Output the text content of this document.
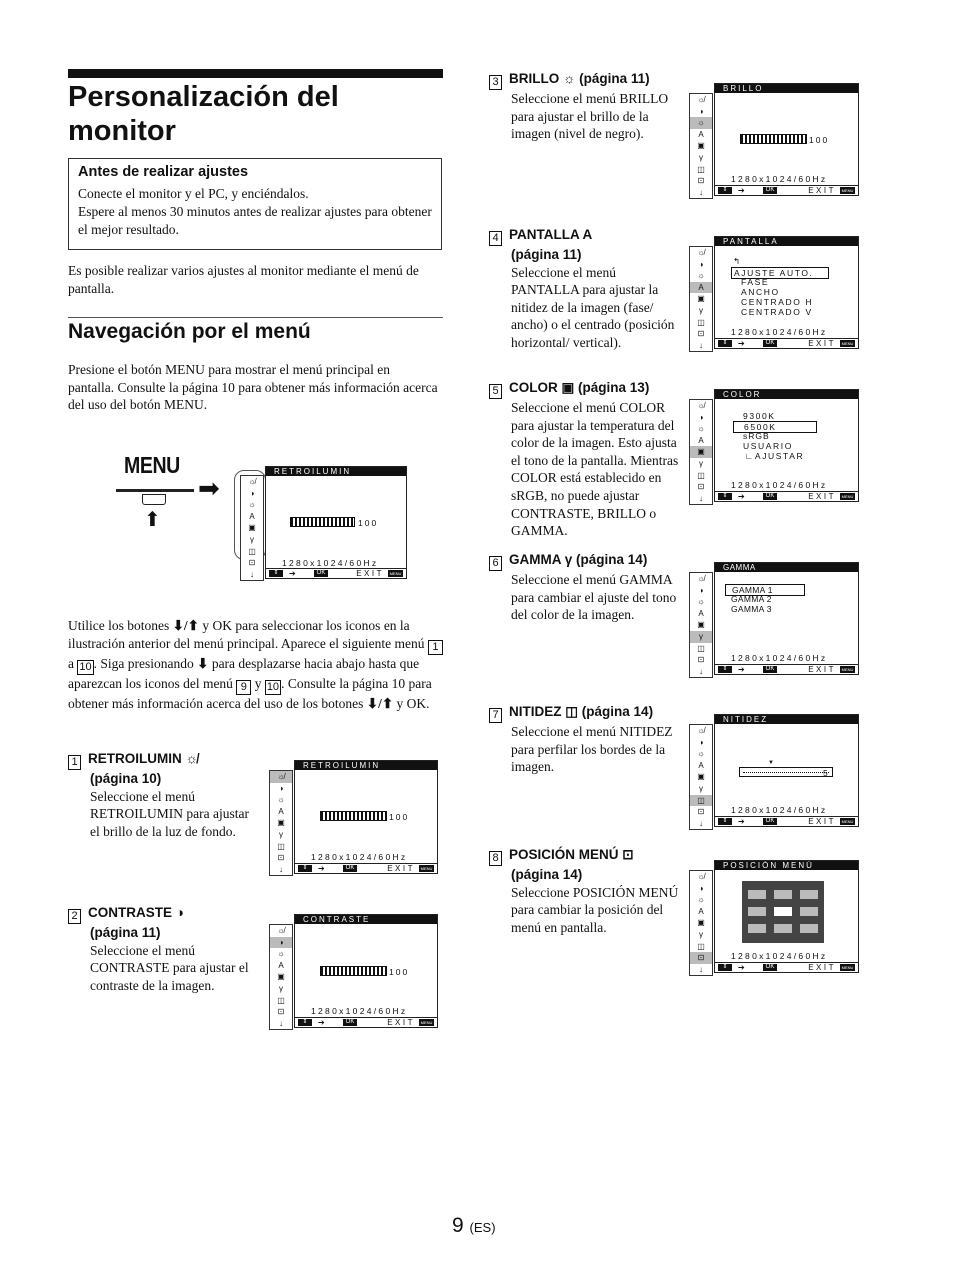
Personalización del monitor
Antes de realizar ajustes
Conecte el monitor y el PC, y enciéndalos.
Espere al menos 30 minutos antes de realizar ajustes para obtener el mejor resultado.
Es posible realizar varios ajustes al monitor mediante el menú de pantalla.
Navegación por el menú
Presione el botón MENU para mostrar el menú principal en pantalla. Consulte la página 10 para obtener más información acerca del uso del botón MENU.
MENU
⬆
➡	☼̸
◑
☼
A
▣
γ
◫
⊡
↓
RETROILUMIN
100
1280x1024/60Hz
⇕	➔	OK	EXIT	MENU
Utilice los botones ⬇/⬆ y OK para seleccionar los iconos en la ilustración anterior del menú principal. Aparece el siguiente menú 1 a 10 . Siga presionando ⬇ para desplazarse hacia abajo hasta que aparezcan los iconos del menú 9 y 10 . Consulte la página 10 para obtener más información acerca del uso de los botones ⬇/⬆ y OK.
1 RETROILUMIN ☼̸
(página 10)
Seleccione el menú RETROILUMIN para ajustar el brillo de la luz de fondo.
☼̸
◑
☼
A
▣
γ
◫
⊡
↓
RETROILUMIN
100
1280x1024/60Hz
⇕	➔	OK	EXIT	MENU
2 CONTRASTE ◑
(página 11)
Seleccione el menú CONTRASTE para ajustar el contraste de la imagen.
☼̸
◑
☼
A
▣
γ
◫
⊡
↓
CONTRASTE
100
1280x1024/60Hz
⇕	➔	OK	EXIT	MENU
3 BRILLO ☼ (página 11)
Seleccione el menú BRILLO para ajustar el brillo de la imagen (nivel de negro).
☼̸
◑
☼
A
▣
γ
◫
⊡
↓
BRILLO
100
1280x1024/60Hz
⇕	➔	OK	EXIT	MENU
4 PANTALLA A
(página 11)
Seleccione el menú PANTALLA para ajustar la nitidez de la imagen (fase/ ancho) o el centrado (posición horizontal/ vertical).
☼̸
◑
☼
A
▣
γ
◫
⊡
↓
PANTALLA
↰
AJUSTE AUTO.
FASE
ANCHO
CENTRADO H
CENTRADO V
1280x1024/60Hz
⇕	➔	OK	EXIT	MENU
5 COLOR ▣ (página 13)
Seleccione el menú COLOR para ajustar la temperatura del color de la imagen. Esto ajusta el tono de la pantalla. Mientras COLOR está establecido en sRGB, no puede ajustar CONTRASTE, BRILLO o GAMMA.
☼̸
◑
☼
A
▣
γ
◫
⊡
↓
COLOR
9300K
6500K
sRGB
USUARIO
∟AJUSTAR
1280x1024/60Hz
⇕	➔	OK	EXIT	MENU
6 GAMMA γ (página 14)
Seleccione el menú GAMMA para cambiar el ajuste del tono del color de la imagen.
☼̸
◑
☼
A
▣
γ
◫
⊡
↓
GAMMA
GAMMA 1
GAMMA 2
GAMMA 3
1280x1024/60Hz
⇕	➔	OK	EXIT	MENU
7 NITIDEZ ◫ (página 14)
Seleccione el menú NITIDEZ para perfilar los bordes de la imagen.
☼̸
◑
☼
A
▣
γ
◫
⊡
↓
NITIDEZ
▼
5
1280x1024/60Hz
⇕	➔	OK	EXIT	MENU
8 POSICIÓN MENÚ ⊡
(página 14)
Seleccione POSICIÓN MENÚ para cambiar la posición del menú en pantalla.
☼̸
◑
☼
A
▣
γ
◫
⊡
↓
POSICIÓN MENÚ
1280x1024/60Hz
⇕	➔	OK	EXIT	MENU
9 (ES)
